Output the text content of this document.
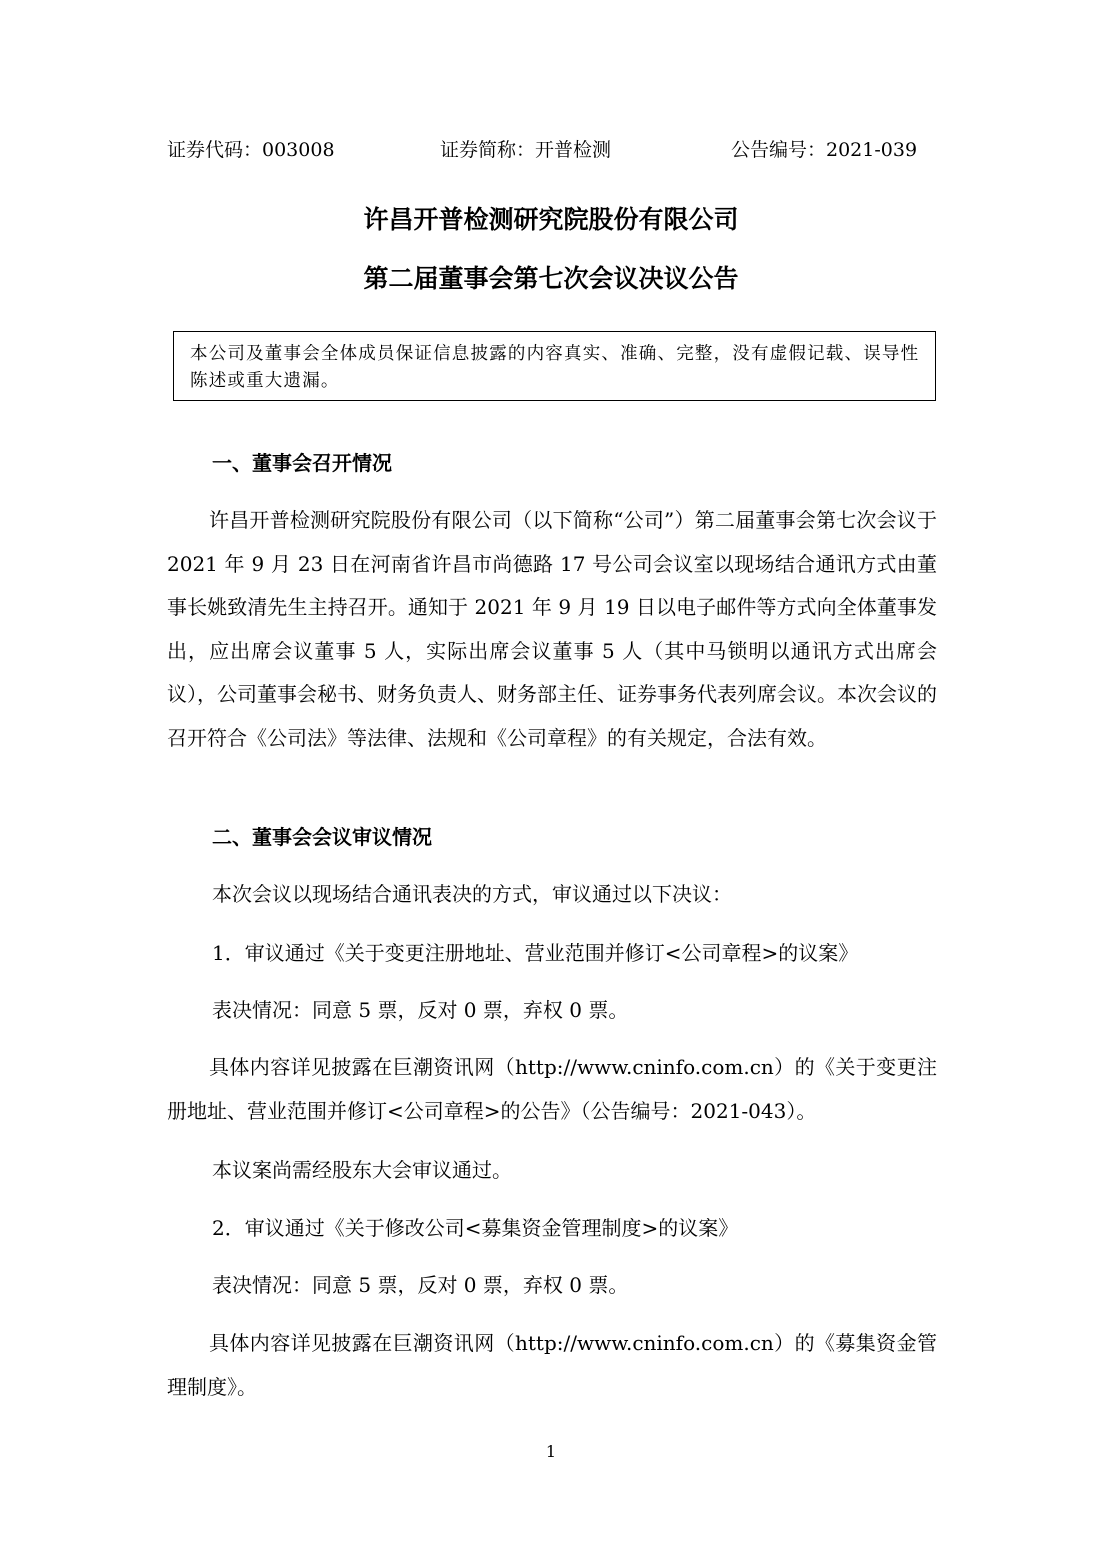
证券代码：003008	证券简称：开普检测	公告编号：2021-039
许昌开普检测研究院股份有限公司
第二届董事会第七次会议决议公告
本公司及董事会全体成员保证信息披露的内容真实、准确、完整，没有虚假记载、误导性陈述或重大遗漏。
一、董事会召开情况
许昌开普检测研究院股份有限公司（以下简称“公司”）第二届董事会第七次会议于 2021 年 9 月 23 日在河南省许昌市尚德路 17 号公司会议室以现场结合通讯方式由董事长姚致清先生主持召开。通知于 2021 年 9 月 19 日以电子邮件等方式向全体董事发出，应出席会议董事 5 人，实际出席会议董事 5 人（其中马锁明以通讯方式出席会议），公司董事会秘书、财务负责人、财务部主任、证券事务代表列席会议。本次会议的召开符合《公司法》等法律、法规和《公司章程》的有关规定，合法有效。
二、董事会会议审议情况
本次会议以现场结合通讯表决的方式，审议通过以下决议：
1．审议通过《关于变更注册地址、营业范围并修订<公司章程>的议案》
表决情况：同意 5 票，反对 0 票，弃权 0 票。
具体内容详见披露在巨潮资讯网（http://www.cninfo.com.cn）的《关于变更注册地址、营业范围并修订<公司章程>的公告》（公告编号：2021-043）。
本议案尚需经股东大会审议通过。
2．审议通过《关于修改公司<募集资金管理制度>的议案》
表决情况：同意 5 票，反对 0 票，弃权 0 票。
具体内容详见披露在巨潮资讯网（http://www.cninfo.com.cn）的《募集资金管理制度》。
1
